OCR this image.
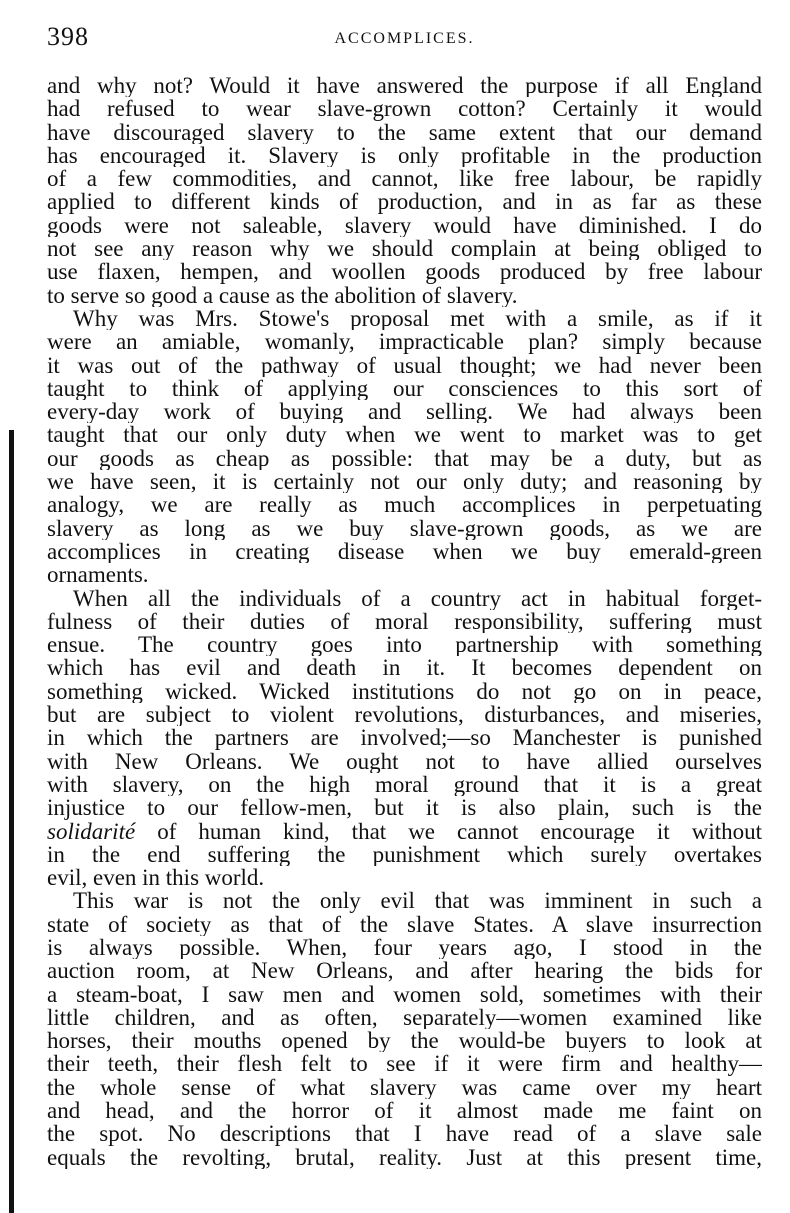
398	ACCOMPLICES.
and why not? Would it have answered the purpose if all England
had refused to wear slave-grown cotton? Certainly it would
have discouraged slavery to the same extent that our demand
has encouraged it. Slavery is only profitable in the production
of a few commodities, and cannot, like free labour, be rapidly
applied to different kinds of production, and in as far as these
goods were not saleable, slavery would have diminished. I do
not see any reason why we should complain at being obliged to
use flaxen, hempen, and woollen goods produced by free labour
to serve so good a cause as the abolition of slavery.
Why was Mrs. Stowe's proposal met with a smile, as if it
were an amiable, womanly, impracticable plan? simply because
it was out of the pathway of usual thought; we had never been
taught to think of applying our consciences to this sort of
every-day work of buying and selling. We had always been
taught that our only duty when we went to market was to get
our goods as cheap as possible: that may be a duty, but as
we have seen, it is certainly not our only duty; and reasoning by
analogy, we are really as much accomplices in perpetuating
slavery as long as we buy slave-grown goods, as we are
accomplices in creating disease when we buy emerald-green
ornaments.
When all the individuals of a country act in habitual forget-
fulness of their duties of moral responsibility, suffering must
ensue. The country goes into partnership with something
which has evil and death in it. It becomes dependent on
something wicked. Wicked institutions do not go on in peace,
but are subject to violent revolutions, disturbances, and miseries,
in which the partners are involved;—so Manchester is punished
with New Orleans. We ought not to have allied ourselves
with slavery, on the high moral ground that it is a great
injustice to our fellow-men, but it is also plain, such is the
solidarité of human kind, that we cannot encourage it without
in the end suffering the punishment which surely overtakes
evil, even in this world.
This war is not the only evil that was imminent in such a
state of society as that of the slave States. A slave insurrection
is always possible. When, four years ago, I stood in the
auction room, at New Orleans, and after hearing the bids for
a steam-boat, I saw men and women sold, sometimes with their
little children, and as often, separately—women examined like
horses, their mouths opened by the would-be buyers to look at
their teeth, their flesh felt to see if it were firm and healthy—
the whole sense of what slavery was came over my heart
and head, and the horror of it almost made me faint on
the spot. No descriptions that I have read of a slave sale
equals the revolting, brutal, reality. Just at this present time,
